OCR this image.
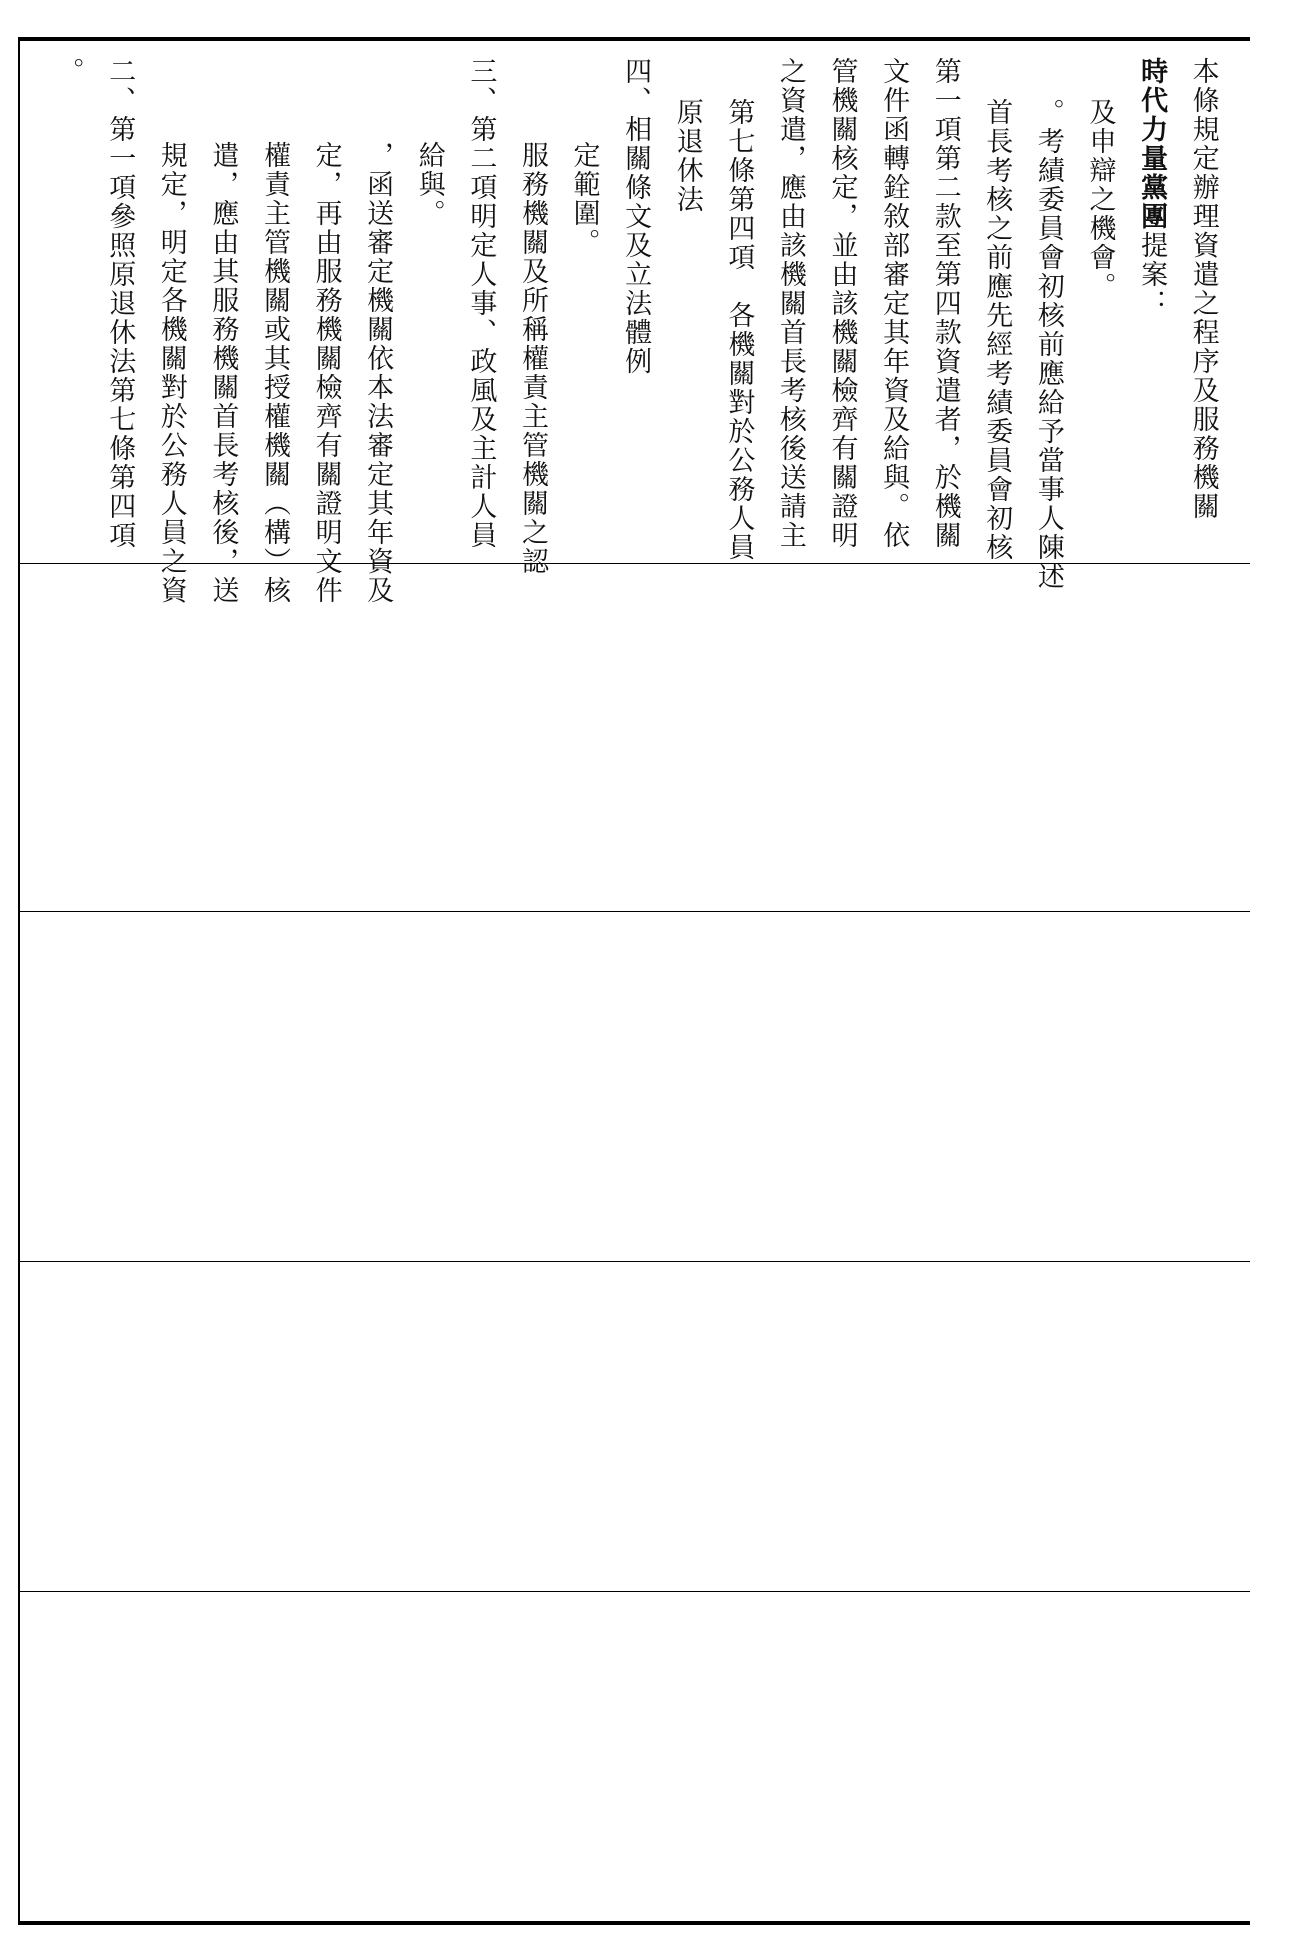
。 二、第一項參照原退休法第七條第四項 規定，明定各機關對於公務人員之資 遣，應由其服務機關首長考核後，送 權責主管機關或其授權機關（構）核 定，再由服務機關檢齊有關證明文件 ，函送審定機關依本法審定其年資及 給與。 三、第二項明定人事、政風及主計人員 服務機關及所稱權責主管機關之認 定範圍。 四、相關條文及立法體例 原退休法 第七條第四項　各機關對於公務人員 之資遣，應由該機關首長考核後送請主 管機關核定，並由該機關檢齊有關證明 文件函轉銓敘部審定其年資及給與。依 第一項第二款至第四款資遣者，於機關 首長考核之前應先經考績委員會初核 。考績委員會初核前應給予當事人陳述 及申辯之機會。 時代力量黨團提案： 本條規定辦理資遣之程序及服務機關
